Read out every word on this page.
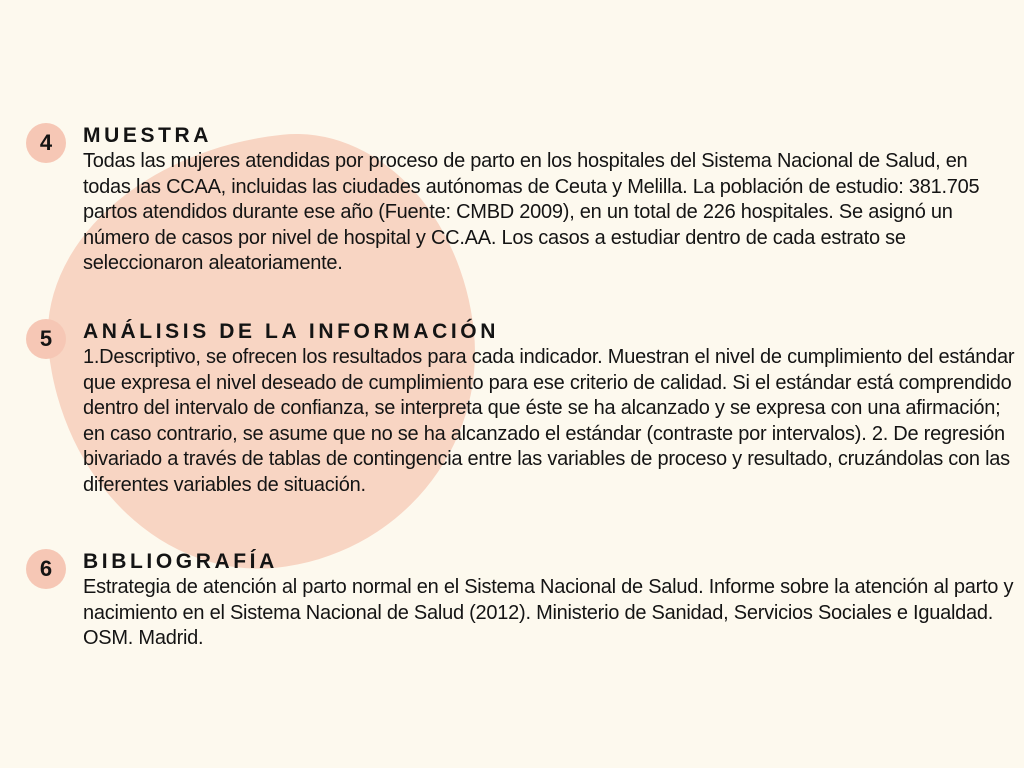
4	MUESTRA

Todas las mujeres atendidas por proceso de parto en los hospitales del Sistema Nacional de Salud, en todas las CCAA, incluidas las ciudades autónomas de Ceuta y Melilla. La población de estudio: 381.705 partos atendidos durante ese año (Fuente: CMBD 2009), en un total de 226 hospitales. Se asignó un número de casos por nivel de hospital y CC.AA. Los casos a estudiar dentro de cada estrato se seleccionaron aleatoriamente.

5	ANÁLISIS DE LA INFORMACIÓN

1.Descriptivo, se ofrecen los resultados para cada indicador. Muestran el nivel de cumplimiento del estándar que expresa el nivel deseado de cumplimiento para ese criterio de calidad. Si el estándar está comprendido dentro del intervalo de confianza, se interpreta que éste se ha alcanzado y se expresa con una afirmación; en caso contrario, se asume que no se ha alcanzado el estándar (contraste por intervalos). 2. De regresión bivariado a través de tablas de contingencia entre las variables de proceso y resultado, cruzándolas con las diferentes variables de situación.

6	BIBLIOGRAFÍA

Estrategia de atención al parto normal en el Sistema Nacional de Salud. Informe sobre la atención al parto y nacimiento en el Sistema Nacional de Salud (2012). Ministerio de Sanidad, Servicios Sociales e Igualdad. OSM. Madrid.
